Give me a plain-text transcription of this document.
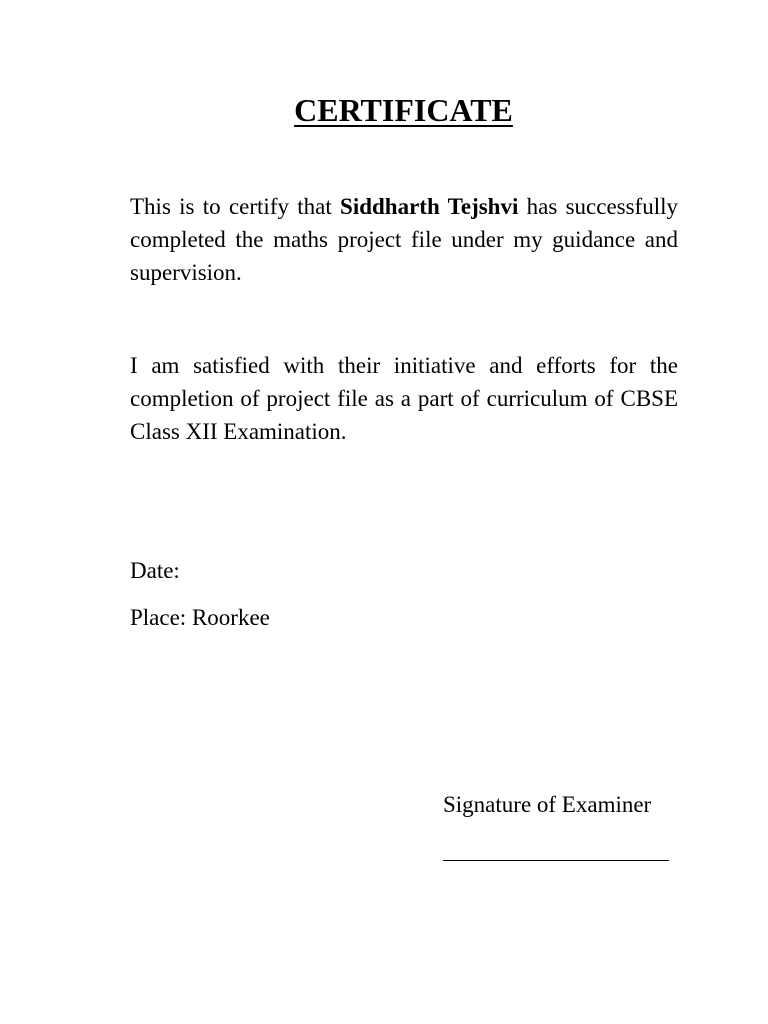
CERTIFICATE

This is to certify that Siddharth Tejshvi has successfully completed the maths project file under my guidance and supervision.

I am satisfied with their initiative and efforts for the completion of project file as a part of curriculum of CBSE Class XII Examination.

Date:

Place: Roorkee

Signature of Examiner
